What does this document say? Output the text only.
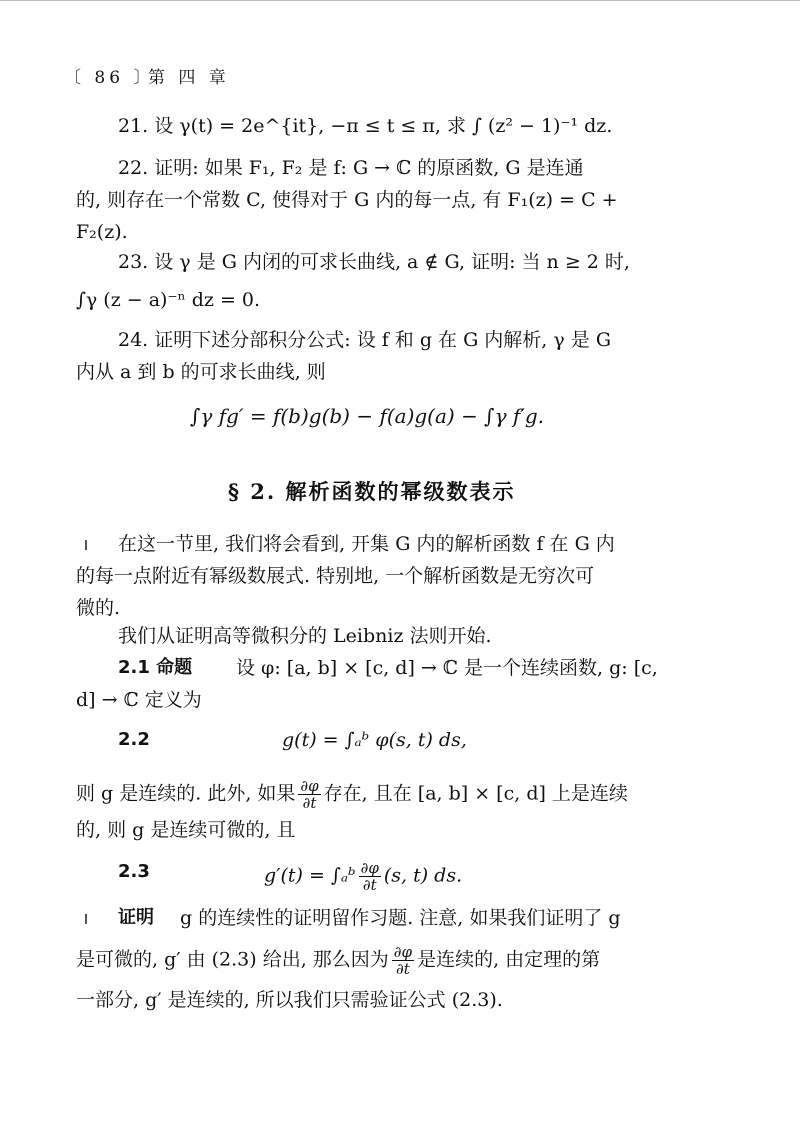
〔 86 〕
第 四 章
21. 设 γ(t) = 2e^{it}, −π ≤ t ≤ π, 求 ∫ (z² − 1)⁻¹ dz.
22. 证明: 如果 F₁, F₂ 是 f: G → ℂ 的原函数, G 是连通
的, 则存在一个常数 C, 使得对于 G 内的每一点, 有 F₁(z) = C +
F₂(z).
23. 设 γ 是 G 内闭的可求长曲线, a ∉ G, 证明: 当 n ≥ 2 时,
∫γ (z − a)⁻ⁿ dz = 0.
24. 证明下述分部积分公式: 设 f 和 g 在 G 内解析, γ 是 G
内从 a 到 b 的可求长曲线, 则
∫γ fg′ = f(b)g(b) − f(a)g(a) − ∫γ f′g.
§ 2. 解析函数的幂级数表示
在这一节里, 我们将会看到, 开集 G 内的解析函数 f 在 G 内
的每一点附近有幂级数展式. 特别地, 一个解析函数是无穷次可
微的.
我们从证明高等微积分的 Leibniz 法则开始.
2.1 命题 设 φ: [a, b] × [c, d] → ℂ 是一个连续函数, g: [c,
d] → ℂ 定义为
2.2	g(t) = ∫ₐᵇ φ(s, t) ds,
则 g 是连续的. 此外, 如果 $\frac{\partial\varphi}{\partial t}$ 存在, 且在 [a, b] × [c, d] 上是连续
的, 则 g 是连续可微的, 且
2.3	g′(t) = ∫ₐᵇ $\frac{\partial\varphi}{\partial t} (s$, t) ds.
证明 g 的连续性的证明留作习题. 注意, 如果我们证明了 g
是可微的, g′ 由 (2.3) 给出, 那么因为 $\frac{\partial\varphi}{\partial t}$ 是连续的, 由定理的第
一部分, g′ 是连续的, 所以我们只需验证公式 (2.3).
